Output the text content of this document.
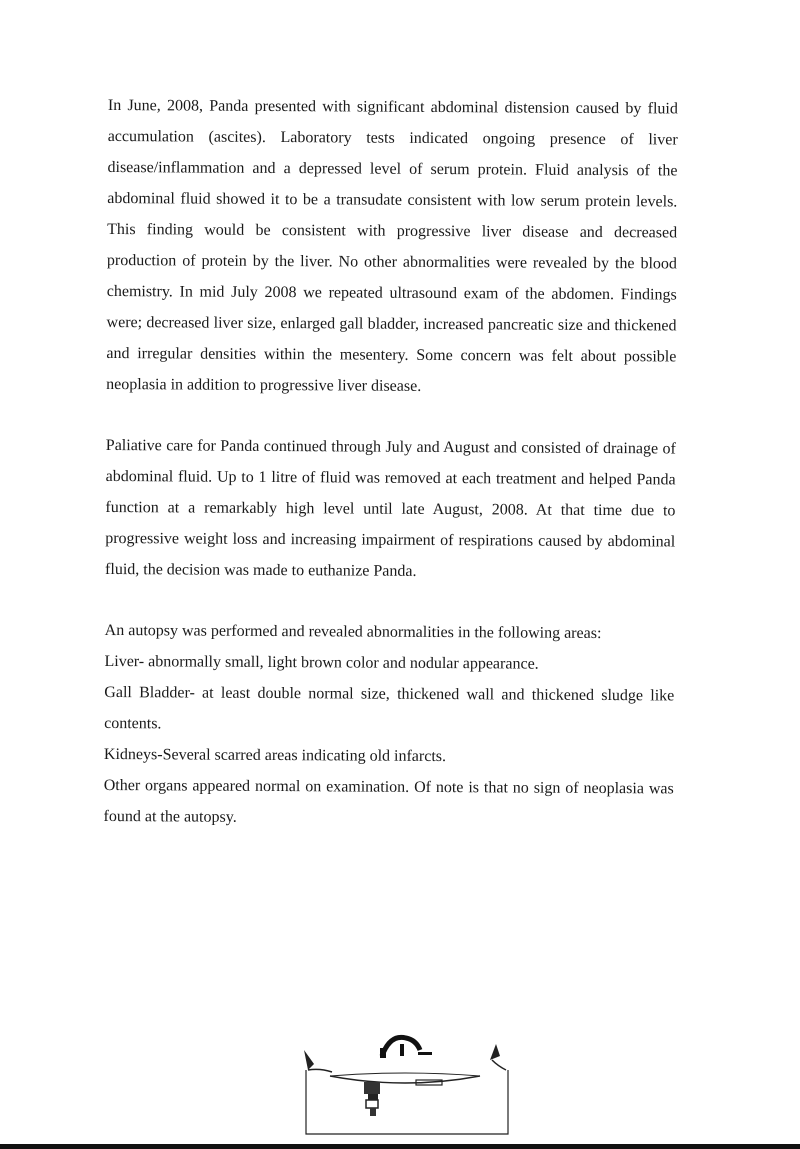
In June, 2008, Panda presented with significant abdominal distension caused by fluid accumulation (ascites). Laboratory tests indicated ongoing presence of liver disease/inflammation and a depressed level of serum protein. Fluid analysis of the abdominal fluid showed it to be a transudate consistent with low serum protein levels. This finding would be consistent with progressive liver disease and decreased production of protein by the liver. No other abnormalities were revealed by the blood chemistry. In mid July 2008 we repeated ultrasound exam of the abdomen. Findings were; decreased liver size, enlarged gall bladder, increased pancreatic size and thickened and irregular densities within the mesentery. Some concern was felt about possible neoplasia in addition to progressive liver disease.

Paliative care for Panda continued through July and August and consisted of drainage of abdominal fluid. Up to 1 litre of fluid was removed at each treatment and helped Panda function at a remarkably high level until late August, 2008. At that time due to progressive weight loss and increasing impairment of respirations caused by abdominal fluid, the decision was made to euthanize Panda.

An autopsy was performed and revealed abnormalities in the following areas:

Liver- abnormally small, light brown color and nodular appearance.

Gall Bladder- at least double normal size, thickened wall and thickened sludge like contents.

Kidneys-Several scarred areas indicating old infarcts.

Other organs appeared normal on examination. Of note is that no sign of neoplasia was found at the autopsy.
